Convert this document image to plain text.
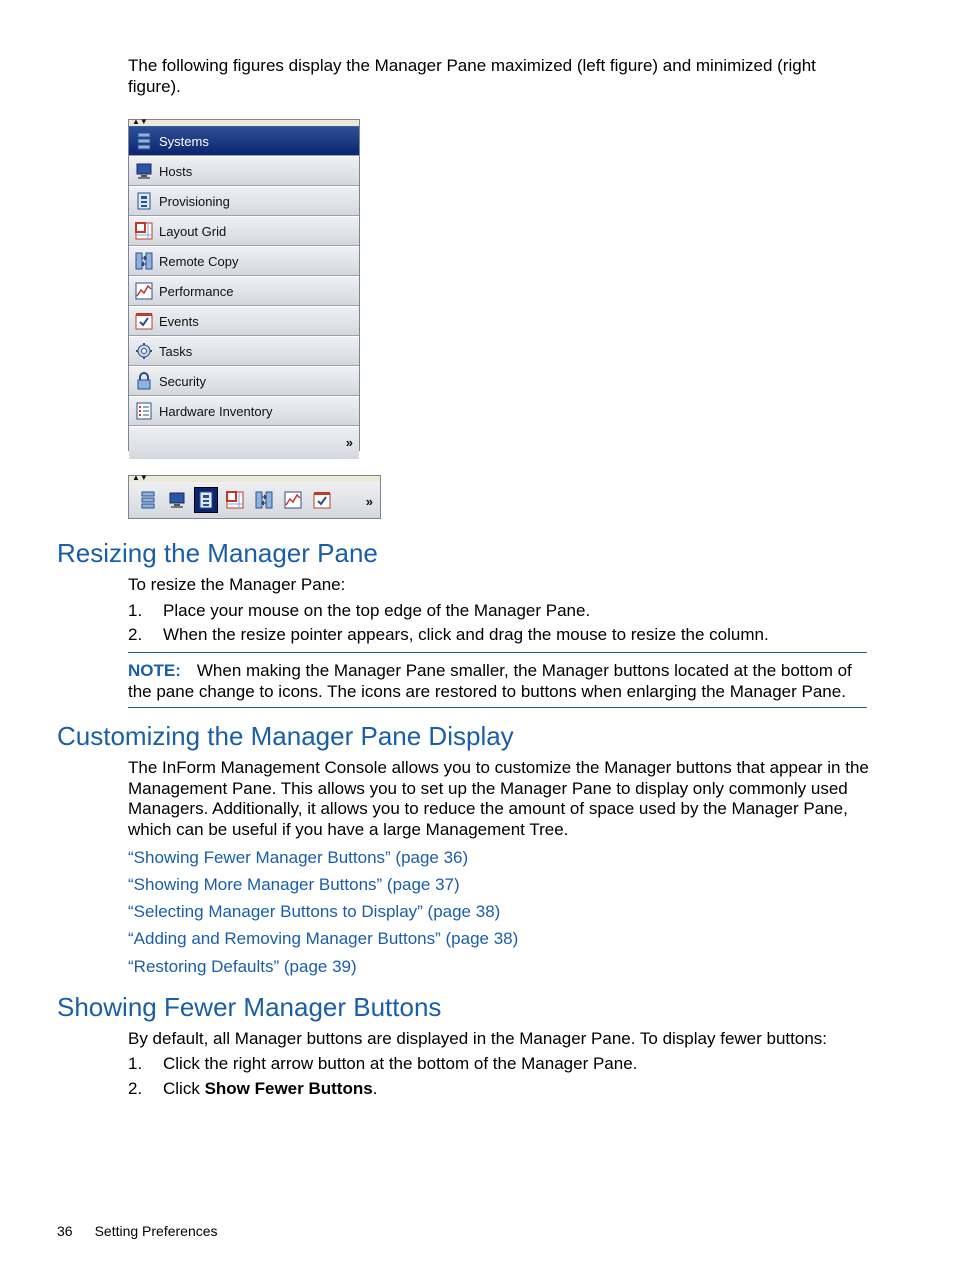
The following figures display the Manager Pane maximized (left figure) and minimized (right figure).
▲▼
Systems
Hosts
Provisioning
Layout Grid
Remote Copy
Performance
Events
Tasks
Security
Hardware Inventory
»
▲▼
»
Resizing the Manager Pane
To resize the Manager Pane:
1. Place your mouse on the top edge of the Manager Pane.
2. When the resize pointer appears, click and drag the mouse to resize the column.
NOTE: When making the Manager Pane smaller, the Manager buttons located at the bottom of the pane change to icons. The icons are restored to buttons when enlarging the Manager Pane.
Customizing the Manager Pane Display
The InForm Management Console allows you to customize the Manager buttons that appear in the Management Pane. This allows you to set up the Manager Pane to display only commonly used Managers. Additionally, it allows you to reduce the amount of space used by the Manager Pane, which can be useful if you have a large Management Tree.
“Showing Fewer Manager Buttons” (page 36)
“Showing More Manager Buttons” (page 37)
“Selecting Manager Buttons to Display” (page 38)
“Adding and Removing Manager Buttons” (page 38)
“Restoring Defaults” (page 39)
Showing Fewer Manager Buttons
By default, all Manager buttons are displayed in the Manager Pane. To display fewer buttons:
1. Click the right arrow button at the bottom of the Manager Pane.
2. Click Show Fewer Buttons.
36 Setting Preferences
